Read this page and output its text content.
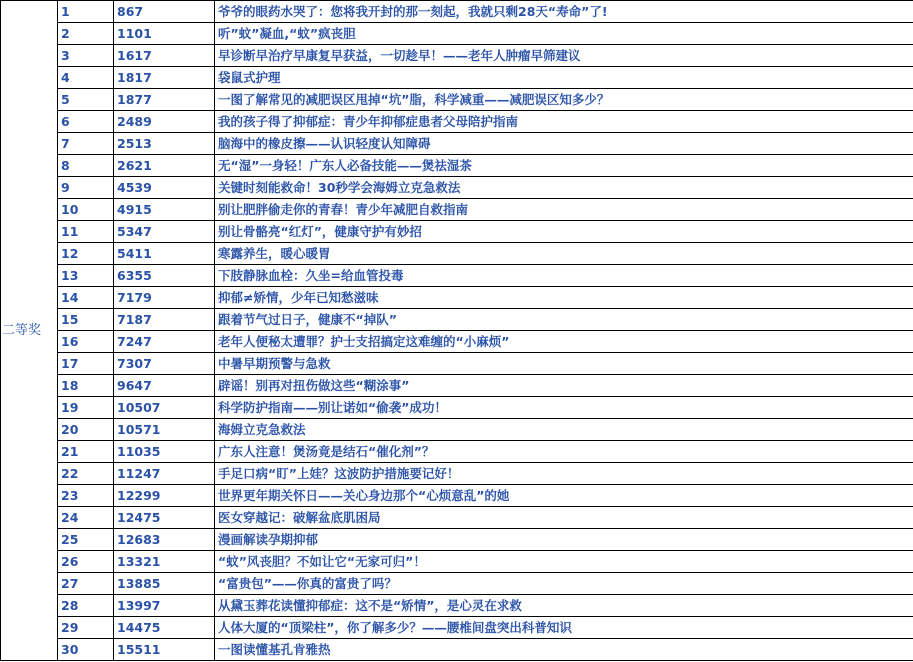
二等奖	1	867	爷爷的眼药水哭了：您将我开封的那一刻起，我就只剩28天“寿命”了!
	2	1101	听”蚊”凝血,“蚊”疯丧胆
	3	1617	早诊断早治疗早康复早获益，一切趁早！——老年人肿瘤早筛建议
	4	1817	袋鼠式护理
	5	1877	一图了解常见的减肥误区甩掉“坑”脂，科学减重——减肥误区知多少？
	6	2489	我的孩子得了抑郁症：青少年抑郁症患者父母陪护指南
	7	2513	脑海中的橡皮擦——认识轻度认知障碍
	8	2621	无“湿”一身轻！广东人必备技能——煲祛湿茶
	9	4539	关键时刻能救命！30秒学会海姆立克急救法
	10	4915	别让肥胖偷走你的青春！青少年减肥自救指南
	11	5347	别让骨骼亮“红灯”，健康守护有妙招
	12	5411	寒露养生，暖心暖胃
	13	6355	下肢静脉血栓：久坐=给血管投毒
	14	7179	抑郁≠矫情，少年已知愁滋味
	15	7187	跟着节气过日子，健康不“掉队”
	16	7247	老年人便秘太遭罪？护士支招搞定这难缠的“小麻烦”
	17	7307	中暑早期预警与急救
	18	9647	辟谣！别再对扭伤做这些“糊涂事”
	19	10507	科学防护指南——别让诺如“偷袭”成功！
	20	10571	海姆立克急救法
	21	11035	广东人注意！煲汤竟是结石“催化剂”？
	22	11247	手足口病“盯”上娃？这波防护措施要记好！
	23	12299	世界更年期关怀日——关心身边那个“心烦意乱”的她
	24	12475	医女穿越记：破解盆底肌困局
	25	12683	漫画解读孕期抑郁
	26	13321	“蚊”风丧胆？不如让它“无家可归”！
	27	13885	“富贵包”——你真的富贵了吗？
	28	13997	从黛玉葬花读懂抑郁症：这不是“矫情”，是心灵在求救
	29	14475	人体大厦的“顶梁柱”，你了解多少？——腰椎间盘突出科普知识
	30	15511	一图读懂基孔肯雅热
